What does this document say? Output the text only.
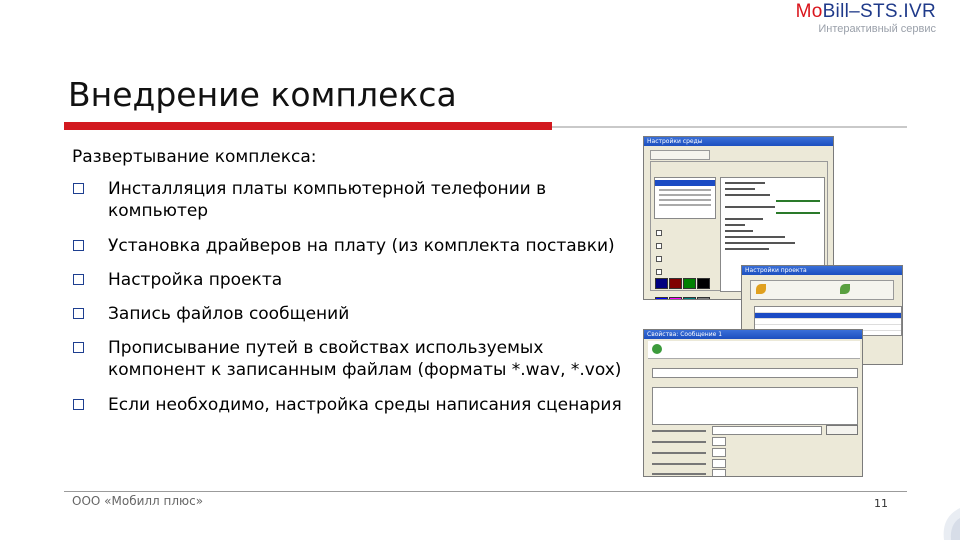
MoBill–STS.IVR
Интерактивный сервис
Внедрение комплекса
Развертывание комплекса:
Инсталляция платы компьютерной телефонии в компьютер
Установка драйверов на плату (из комплекта поставки)
Настройка проекта
Запись файлов сообщений
Прописывание путей в свойствах используемых компонент к записанным файлам (форматы *.wav, *.vox)
Если необходимо, настройка среды написания сценария
Настройки среды

Настройки проекта
Свойства: Сообщение 1
ООО «Мобилл плюс»	11
